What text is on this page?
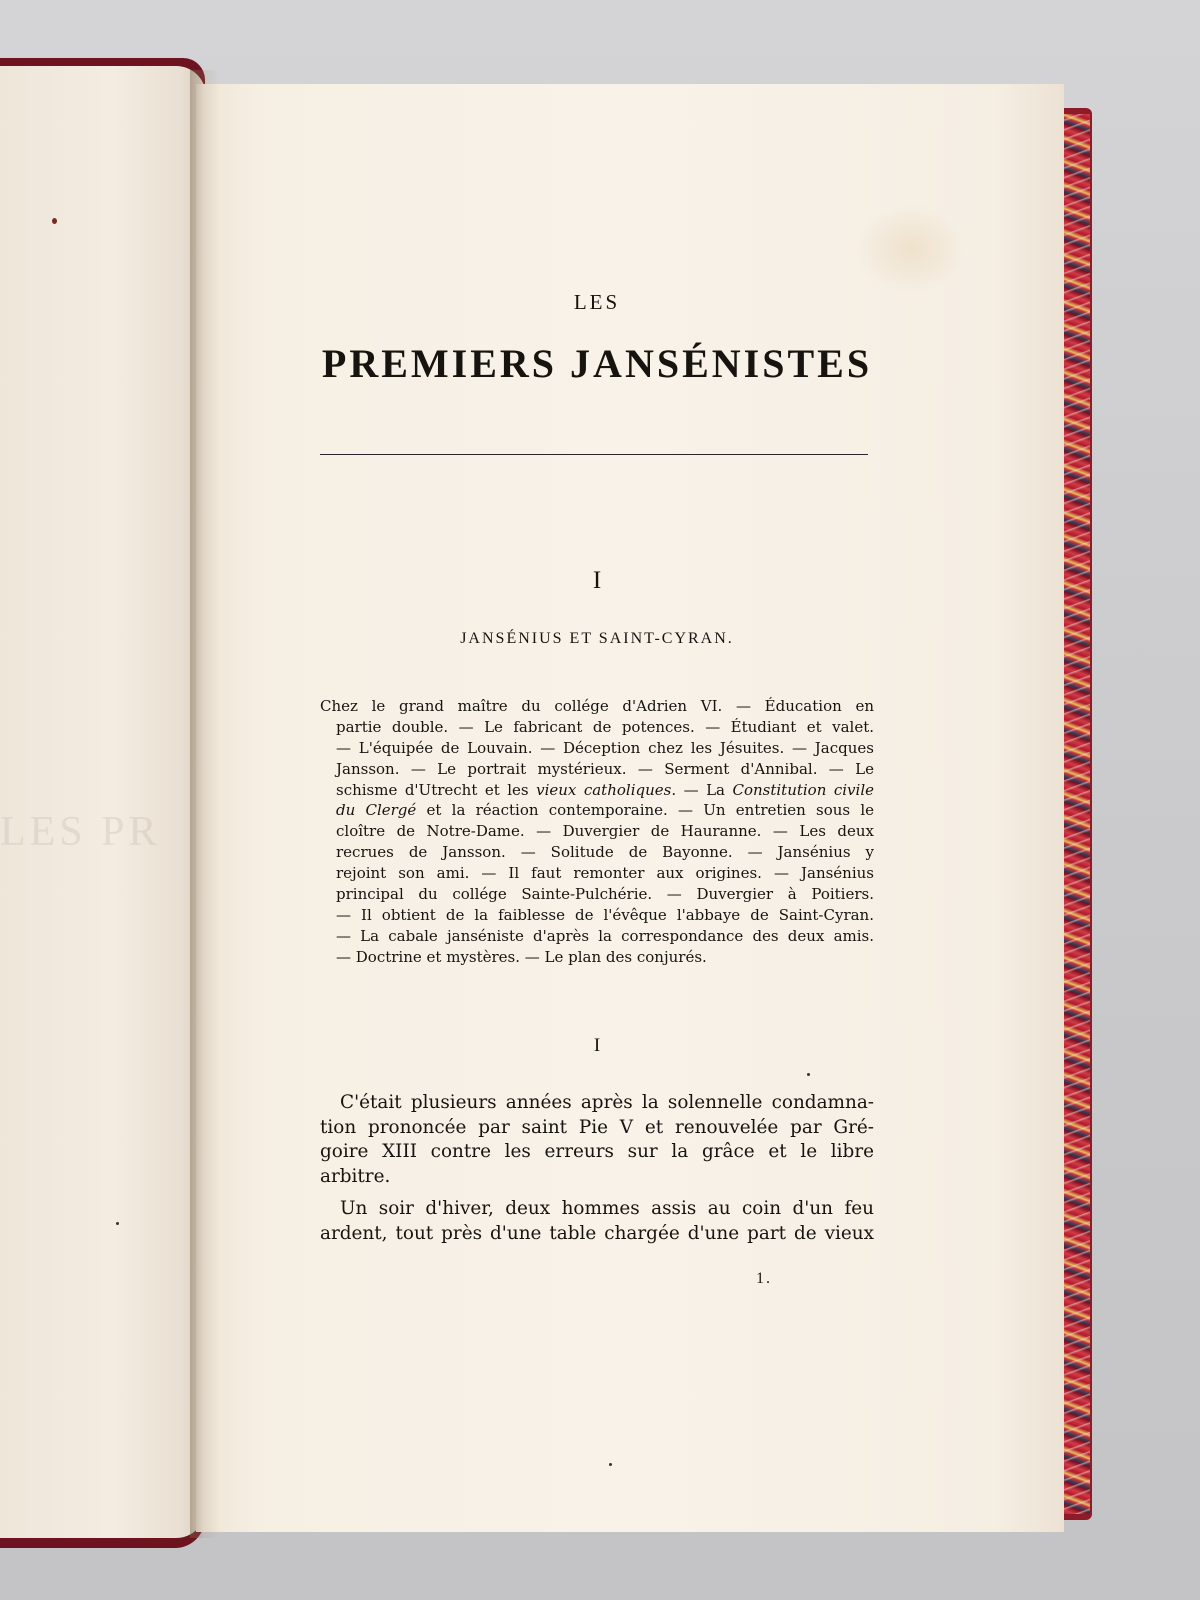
LES PR
LES
PREMIERS JANSÉNISTES
I
JANSÉNIUS ET SAINT-CYRAN.
Chez le grand maître du collége d'Adrien VI. — Éducation en
partie double. — Le fabricant de potences. — Étudiant et valet.
— L'équipée de Louvain. — Déception chez les Jésuites. — Jacques
Jansson. — Le portrait mystérieux. — Serment d'Annibal. — Le
schisme d'Utrecht et les vieux catholiques. — La Constitution civile
du Clergé et la réaction contemporaine. — Un entretien sous le
cloître de Notre-Dame. — Duvergier de Hauranne. — Les deux
recrues de Jansson. — Solitude de Bayonne. — Jansénius y
rejoint son ami. — Il faut remonter aux origines. — Jansénius
principal du collége Sainte-Pulchérie. — Duvergier à Poitiers.
— Il obtient de la faiblesse de l'évêque l'abbaye de Saint-Cyran.
— La cabale janséniste d'après la correspondance des deux amis.
— Doctrine et mystères. — Le plan des conjurés.
I
C'était plusieurs années après la solennelle condamna-
tion prononcée par saint Pie V et renouvelée par Gré-
goire XIII contre les erreurs sur la grâce et le libre
arbitre.
Un soir d'hiver, deux hommes assis au coin d'un feu
ardent, tout près d'une table chargée d'une part de vieux
1.
